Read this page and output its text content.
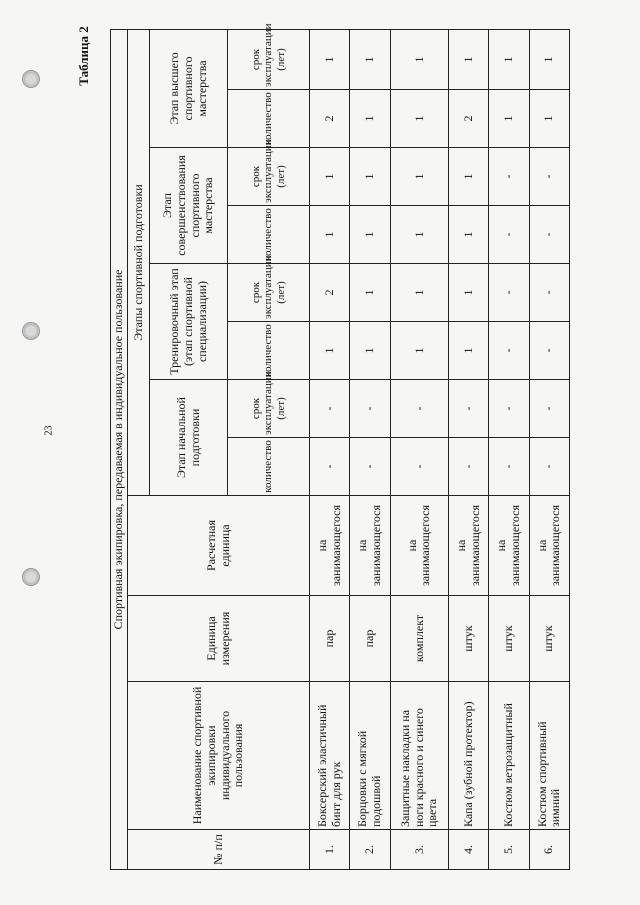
23
Таблица 2
Спортивная экипировка, передаваемая в индивидуальное пользование											
№ п/п	Наименование спортивной экипировки индивидуального пользования	Единица измерения	Расчетная единица	Этапы спортивной подготовки							
				Этап начальной подготовки		Тренировочный этап (этап спортивной специализации)		Этап совершенствования спортивного мастерства		Этап высшего спортивного мастерства	
				количество	срок эксплуатации (лет)	количество	срок эксплуатации (лет)	количество	срок эксплуатации (лет)	количество	срок эксплуатации (лет)
1.	Боксерский эластичный бинт для рук	пар	на занимающегося	-	-	1	2	1	1	2	1
2.	Борцовки с мягкой подошвой	пар	на занимающегося	-	-	1	1	1	1	1	1
3.	Защитные накладки на ноги красного и синего цвета	комплект	на занимающегося	-	-	1	1	1	1	1	1
4.	Капа (зубной протектор)	штук	на занимающегося	-	-	1	1	1	1	2	1
5.	Костюм ветрозащитный	штук	на занимающегося	-	-	-	-	-	-	1	1
6.	Костюм спортивный зимний	штук	на занимающегося	-	-	-	-	-	-	1	1
